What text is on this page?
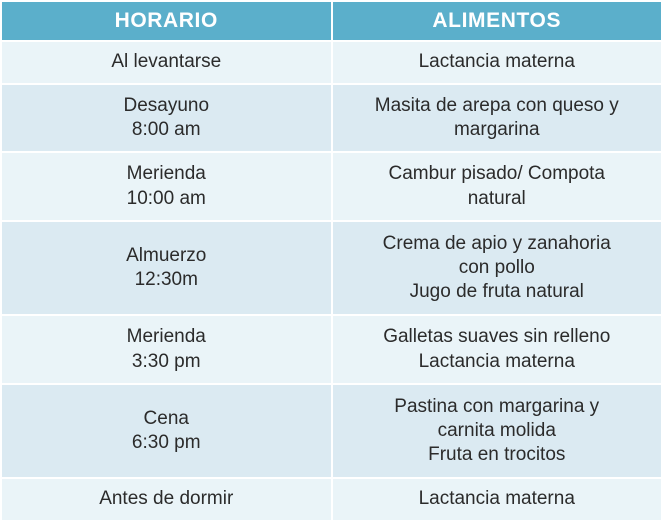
HORARIO	ALIMENTOS

Al levantarse	Lactancia materna

Desayuno
8:00 am	Masita de arepa con queso y
margarina

Merienda
10:00 am	Cambur pisado/ Compota
natural

Almuerzo
12:30m	Crema de apio y zanahoria
con pollo
Jugo de fruta natural

Merienda
3:30 pm	Galletas suaves sin relleno
Lactancia materna

Cena
6:30 pm	Pastina con margarina y
carnita molida
Fruta en trocitos

Antes de dormir	Lactancia materna
